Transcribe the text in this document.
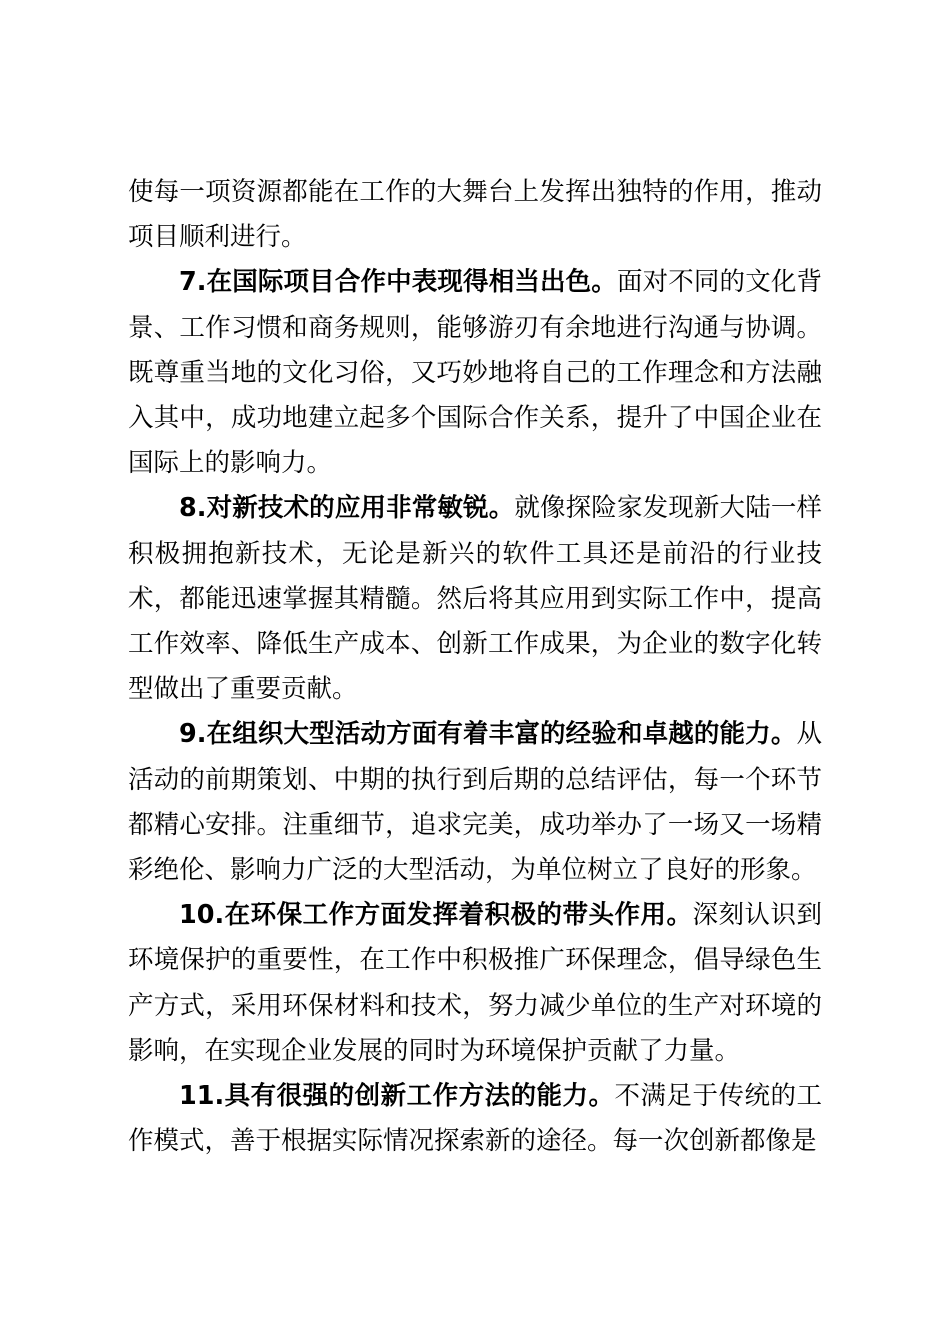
使每一项资源都能在工作的大舞台上发挥出独特的作用，推动项目顺利进行。

7.在国际项目合作中表现得相当出色。面对不同的文化背景、工作习惯和商务规则，能够游刃有余地进行沟通与协调。既尊重当地的文化习俗，又巧妙地将自己的工作理念和方法融入其中，成功地建立起多个国际合作关系，提升了中国企业在国际上的影响力。

8.对新技术的应用非常敏锐。就像探险家发现新大陆一样积极拥抱新技术，无论是新兴的软件工具还是前沿的行业技术，都能迅速掌握其精髓。然后将其应用到实际工作中，提高工作效率、降低生产成本、创新工作成果，为企业的数字化转型做出了重要贡献。

9.在组织大型活动方面有着丰富的经验和卓越的能力。从活动的前期策划、中期的执行到后期的总结评估，每一个环节都精心安排。注重细节，追求完美，成功举办了一场又一场精彩绝伦、影响力广泛的大型活动，为单位树立了良好的形象。

10.在环保工作方面发挥着积极的带头作用。深刻认识到环境保护的重要性，在工作中积极推广环保理念，倡导绿色生产方式，采用环保材料和技术，努力减少单位的生产对环境的影响，在实现企业发展的同时为环境保护贡献了力量。

11.具有很强的创新工作方法的能力。不满足于传统的工作模式，善于根据实际情况探索新的途径。每一次创新都像是
